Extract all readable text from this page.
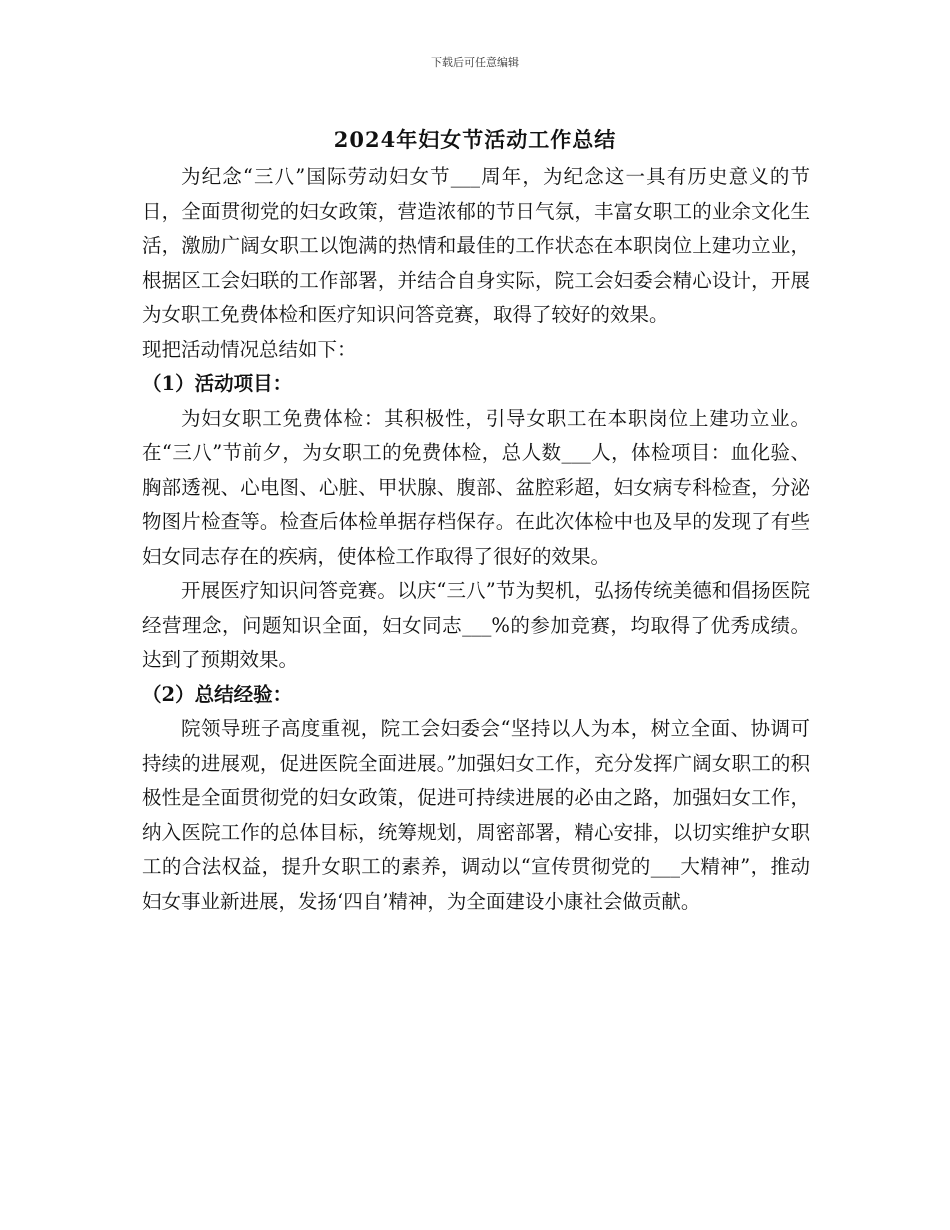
下载后可任意编辑
2024年妇女节活动工作总结

为纪念“三八”国际劳动妇女节___周年，为纪念这一具有历史意义的节日，全面贯彻党的妇女政策，营造浓郁的节日气氛，丰富女职工的业余文化生活，激励广阔女职工以饱满的热情和最佳的工作状态在本职岗位上建功立业，根据区工会妇联的工作部署，并结合自身实际，院工会妇委会精心设计，开展为女职工免费体检和医疗知识问答竞赛，取得了较好的效果。

现把活动情况总结如下：

（1）活动项目：

为妇女职工免费体检：其积极性，引导女职工在本职岗位上建功立业。在“三八”节前夕，为女职工的免费体检，总人数___人，体检项目：血化验、胸部透视、心电图、心脏、甲状腺、腹部、盆腔彩超，妇女病专科检查，分泌物图片检查等。检查后体检单据存档保存。在此次体检中也及早的发现了有些妇女同志存在的疾病，使体检工作取得了很好的效果。

开展医疗知识问答竞赛。以庆“三八”节为契机，弘扬传统美德和倡扬医院经营理念，问题知识全面，妇女同志___%的参加竞赛，均取得了优秀成绩。达到了预期效果。

（2）总结经验：

院领导班子高度重视，院工会妇委会“坚持以人为本，树立全面、协调可持续的进展观，促进医院全面进展。”加强妇女工作，充分发挥广阔女职工的积极性是全面贯彻党的妇女政策，促进可持续进展的必由之路，加强妇女工作，纳入医院工作的总体目标，统筹规划，周密部署，精心安排，以切实维护女职工的合法权益，提升女职工的素养，调动以“宣传贯彻党的___大精神”，推动妇女事业新进展，发扬‘四自’精神，为全面建设小康社会做贡献。
